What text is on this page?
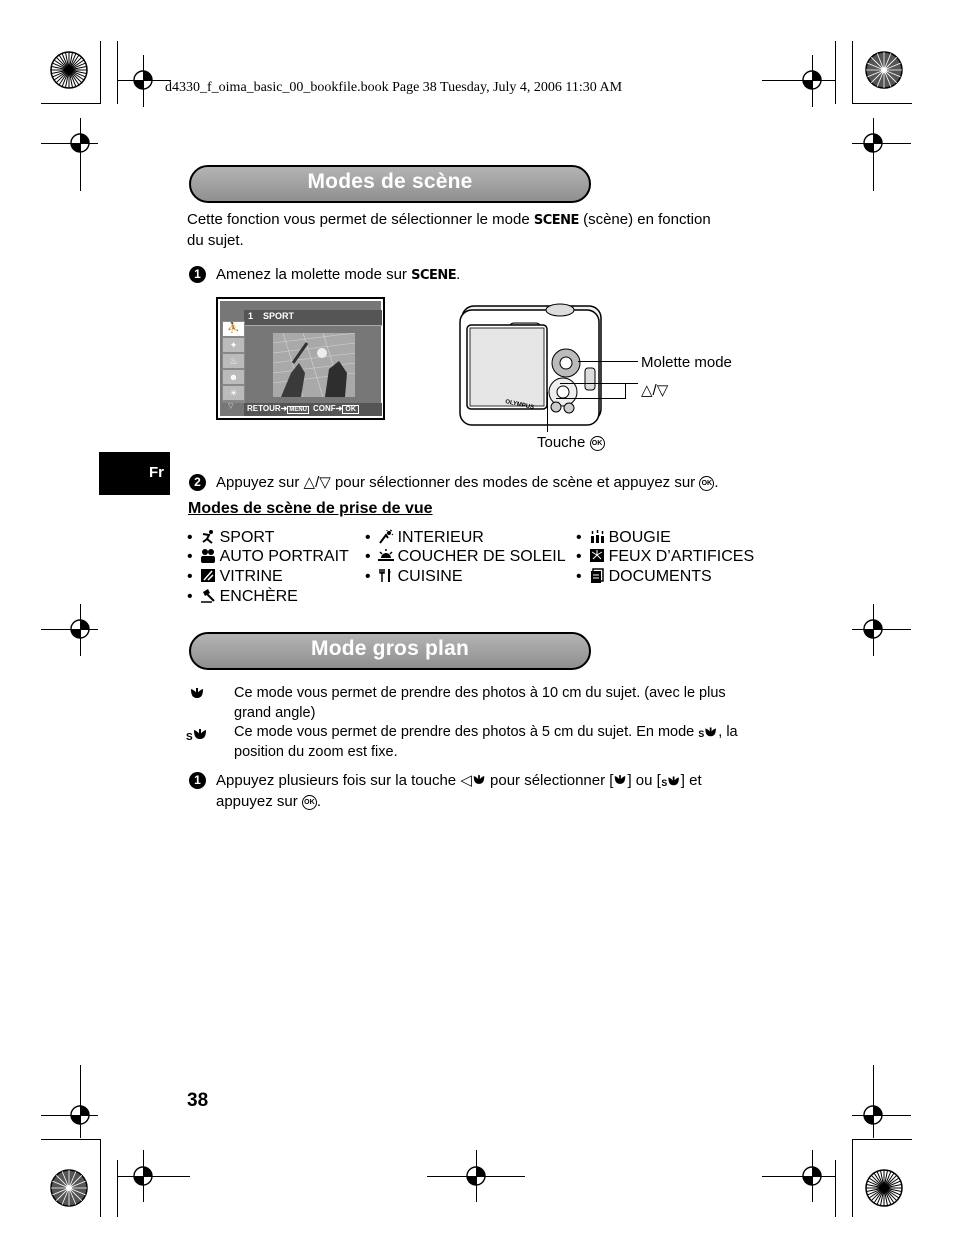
d4330_f_oima_basic_00_bookfile.book Page 38 Tuesday, July 4, 2006 11:30 AM
Fr
Modes de scène
Cette fonction vous permet de sélectionner le mode SCENE (scène) en fonction
du sujet.
1	Amenez la molette mode sur SCENE.
1 SPORT
⛹
✦
♨
☻
☀
▽ RETOUR➜ MENU CONF➜ OK	OLYMPUS
Molette mode
△/▽
Touche OK
2	Appuyez sur △/▽ pour sélectionner des modes de scène et appuyez sur OK .
Modes de scène de prise de vue
• SPORT
• AUTO PORTRAIT
• VITRINE
• ENCHÈRE
• INTERIEUR
• COUCHER DE SOLEIL
• CUISINE
• BOUGIE
• FEUX D’ARTIFICES
• DOCUMENTS
Mode gros plan
Ce mode vous permet de prendre des photos à 10 cm du sujet. (avec le plus
grand angle)
S	Ce mode vous permet de prendre des photos à 5 cm du sujet. En mode S , la
position du zoom est fixe.
1	Appuyez plusieurs fois sur la touche ◁ pour sélectionner [ ] ou [ S ] et
appuyez sur OK .
38
